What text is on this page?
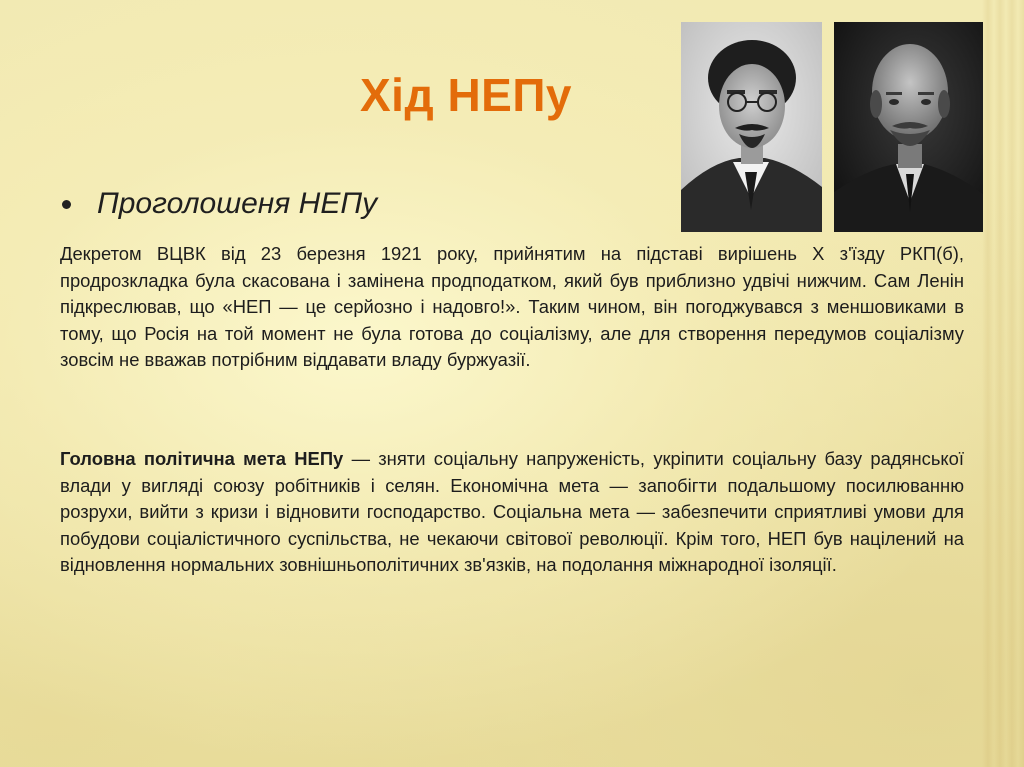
Хід НЕПу
Проголошеня НЕПу

Декретом ВЦВК від 23 березня 1921 року, прийнятим на підставі вирішень X з'їзду РКП(б), продрозкладка була скасована і замінена продподатком, який був приблизно удвічі нижчим. Сам Ленін підкреслював, що «НЕП — це серйозно і надовго!». Таким чином, він погоджувався з меншовиками в тому, що Росія на той момент не була готова до соціалізму, але для створення передумов соціалізму зовсім не вважав потрібним віддавати владу буржуазії.

Головна політична мета НЕПу — зняти соціальну напруженість, укріпити соціальну базу радянської влади у вигляді союзу робітників і селян. Економічна мета — запобігти подальшому посилюванню розрухи, вийти з кризи і відновити господарство. Соціальна мета — забезпечити сприятливі умови для побудови соціалістичного суспільства, не чекаючи світової революції. Крім того, НЕП був націлений на відновлення нормальних зовнішньополітичних зв'язків, на подолання міжнародної ізоляції.
